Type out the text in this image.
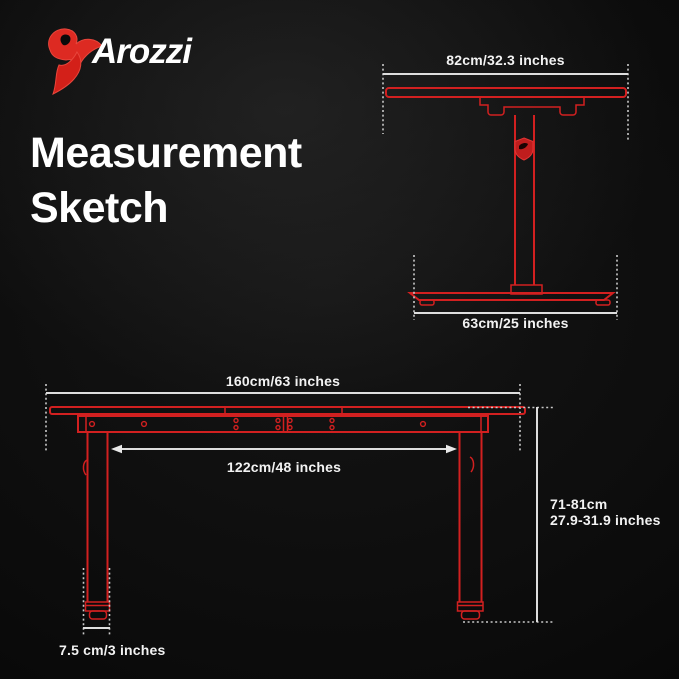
Arozzi
Measurement
Sketch
82cm/32.3 inches
63cm/25 inches
160cm/63 inches
122cm/48 inches
71-81cm
27.9-31.9 inches
7.5 cm/3 inches
